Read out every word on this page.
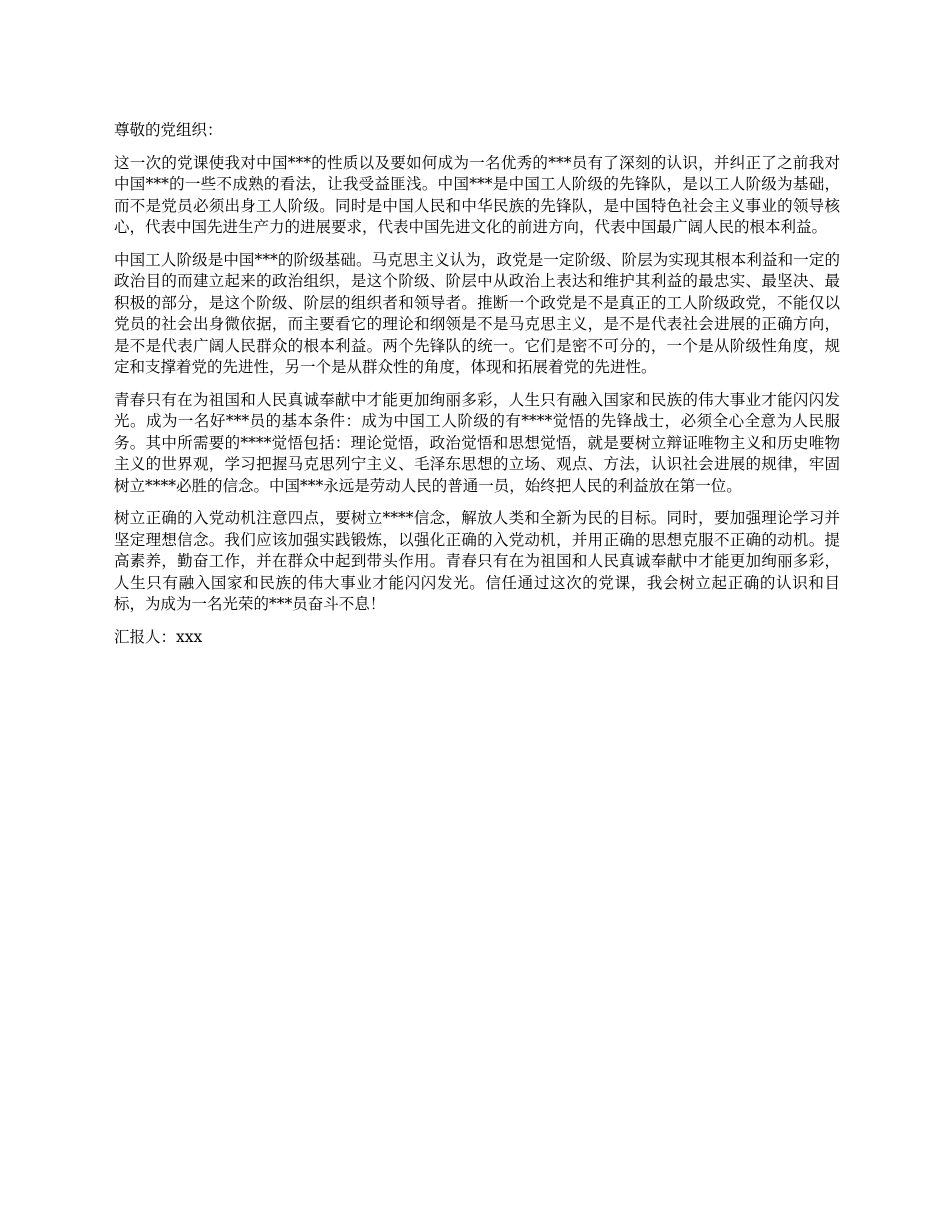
尊敬的党组织：

这一次的党课使我对中国***的性质以及要如何成为一名优秀的***员有了深刻的认识，并纠正了之前我对中国***的一些不成熟的看法，让我受益匪浅。中国***是中国工人阶级的先锋队，是以工人阶级为基础，而不是党员必须出身工人阶级。同时是中国人民和中华民族的先锋队，是中国特色社会主义事业的领导核心，代表中国先进生产力的进展要求，代表中国先进文化的前进方向，代表中国最广阔人民的根本利益。

中国工人阶级是中国***的阶级基础。马克思主义认为，政党是一定阶级、阶层为实现其根本利益和一定的政治目的而建立起来的政治组织，是这个阶级、阶层中从政治上表达和维护其利益的最忠实、最坚决、最积极的部分，是这个阶级、阶层的组织者和领导者。推断一个政党是不是真正的工人阶级政党，不能仅以党员的社会出身微依据，而主要看它的理论和纲领是不是马克思主义，是不是代表社会进展的正确方向，是不是代表广阔人民群众的根本利益。两个先锋队的统一。它们是密不可分的，一个是从阶级性角度，规定和支撑着党的先进性，另一个是从群众性的角度，体现和拓展着党的先进性。

青春只有在为祖国和人民真诚奉献中才能更加绚丽多彩，人生只有融入国家和民族的伟大事业才能闪闪发光。成为一名好***员的基本条件：成为中国工人阶级的有****觉悟的先锋战士，必须全心全意为人民服务。其中所需要的****觉悟包括：理论觉悟，政治觉悟和思想觉悟，就是要树立辩证唯物主义和历史唯物主义的世界观，学习把握马克思列宁主义、毛泽东思想的立场、观点、方法，认识社会进展的规律，牢固树立****必胜的信念。中国***永远是劳动人民的普通一员，始终把人民的利益放在第一位。

树立正确的入党动机注意四点，要树立****信念，解放人类和全新为民的目标。同时，要加强理论学习并坚定理想信念。我们应该加强实践锻炼，以强化正确的入党动机，并用正确的思想克服不正确的动机。提高素养，勤奋工作，并在群众中起到带头作用。青春只有在为祖国和人民真诚奉献中才能更加绚丽多彩，人生只有融入国家和民族的伟大事业才能闪闪发光。信任通过这次的党课，我会树立起正确的认识和目标，为成为一名光荣的***员奋斗不息！

汇报人：xxx
